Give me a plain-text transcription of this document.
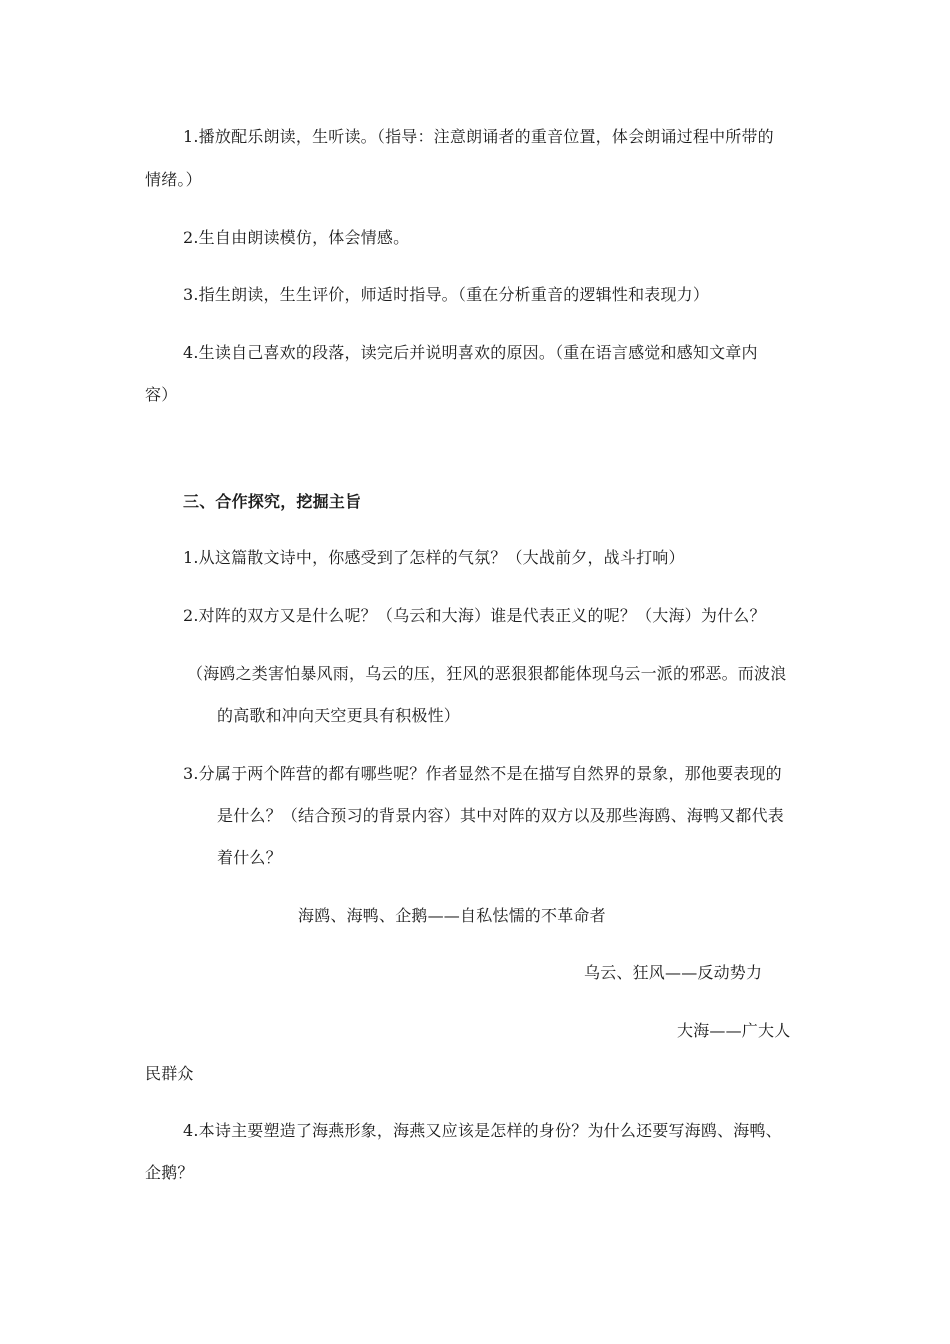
1.播放配乐朗读，生听读。（指导：注意朗诵者的重音位置，体会朗诵过程中所带的
情绪。）
2.生自由朗读模仿，体会情感。
3.指生朗读，生生评价，师适时指导。（重在分析重音的逻辑性和表现力）
4.生读自己喜欢的段落，读完后并说明喜欢的原因。（重在语言感觉和感知文章内
容）
三、合作探究，挖掘主旨
1.从这篇散文诗中，你感受到了怎样的气氛？（大战前夕，战斗打响）
2.对阵的双方又是什么呢？（乌云和大海）谁是代表正义的呢？（大海）为什么？
（海鸥之类害怕暴风雨，乌云的压，狂风的恶狠狠都能体现乌云一派的邪恶。而波浪
的高歌和冲向天空更具有积极性）
3.分属于两个阵营的都有哪些呢？作者显然不是在描写自然界的景象，那他要表现的
是什么？（结合预习的背景内容）其中对阵的双方以及那些海鸥、海鸭又都代表
着什么？
海鸥、海鸭、企鹅——自私怯懦的不革命者
乌云、狂风——反动势力
大海——广大人
民群众
4.本诗主要塑造了海燕形象，海燕又应该是怎样的身份？为什么还要写海鸥、海鸭、
企鹅？
